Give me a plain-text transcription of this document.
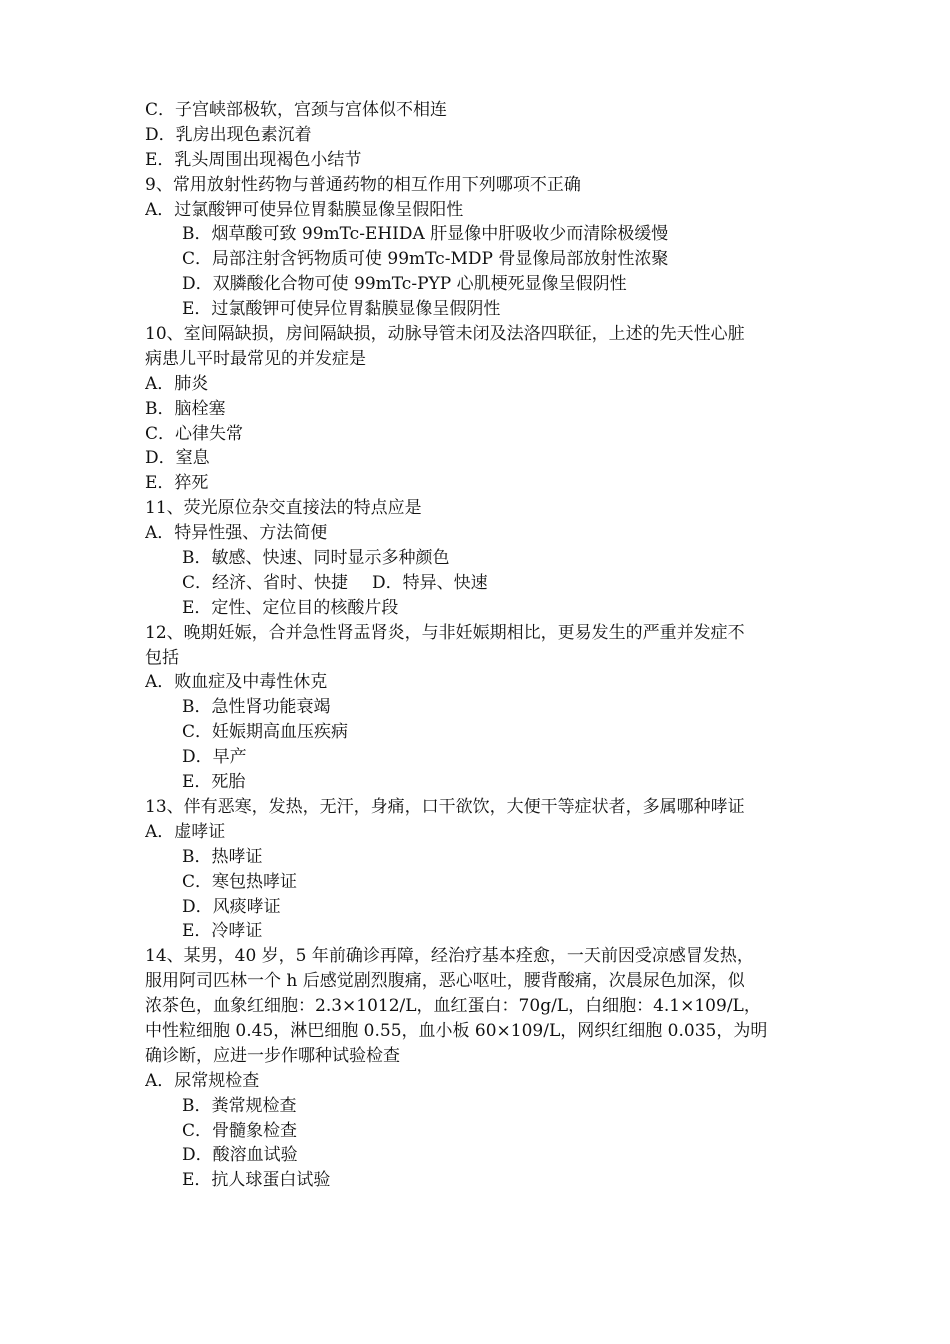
C．子宫峡部极软，宫颈与宫体似不相连
D．乳房出现色素沉着
E．乳头周围出现褐色小结节
9、常用放射性药物与普通药物的相互作用下列哪项不正确
A．过氯酸钾可使异位胃黏膜显像呈假阳性
B．烟草酸可致 99mTc-EHIDA 肝显像中肝吸收少而清除极缓慢
C．局部注射含钙物质可使 99mTc-MDP 骨显像局部放射性浓聚
D．双膦酸化合物可使 99mTc-PYP 心肌梗死显像呈假阴性
E．过氯酸钾可使异位胃黏膜显像呈假阴性
10、室间隔缺损，房间隔缺损，动脉导管未闭及法洛四联征，上述的先天性心脏
病患儿平时最常见的并发症是
A．肺炎
B．脑栓塞
C．心律失常
D．窒息
E．猝死
11、荧光原位杂交直接法的特点应是
A．特异性强、方法简便
B．敏感、快速、同时显示多种颜色
C．经济、省时、快捷 D．特异、快速
E．定性、定位目的核酸片段
12、晚期妊娠，合并急性肾盂肾炎，与非妊娠期相比，更易发生的严重并发症不
包括
A．败血症及中毒性休克
B．急性肾功能衰竭
C．妊娠期高血压疾病
D．早产
E．死胎
13、伴有恶寒，发热，无汗，身痛，口干欲饮，大便干等症状者，多属哪种哮证
A．虚哮证
B．热哮证
C．寒包热哮证
D．风痰哮证
E．冷哮证
14、某男，40 岁，5 年前确诊再障，经治疗基本痊愈，一天前因受凉感冒发热，
服用阿司匹林一个 h 后感觉剧烈腹痛，恶心呕吐，腰背酸痛，次晨尿色加深，似
浓茶色，血象红细胞：2.3×1012/L，血红蛋白：70g/L，白细胞：4.1×109/L，
中性粒细胞 0.45，淋巴细胞 0.55，血小板 60×109/L，网织红细胞 0.035，为明
确诊断，应进一步作哪种试验检查
A．尿常规检查
B．粪常规检查
C．骨髓象检查
D．酸溶血试验
E．抗人球蛋白试验
